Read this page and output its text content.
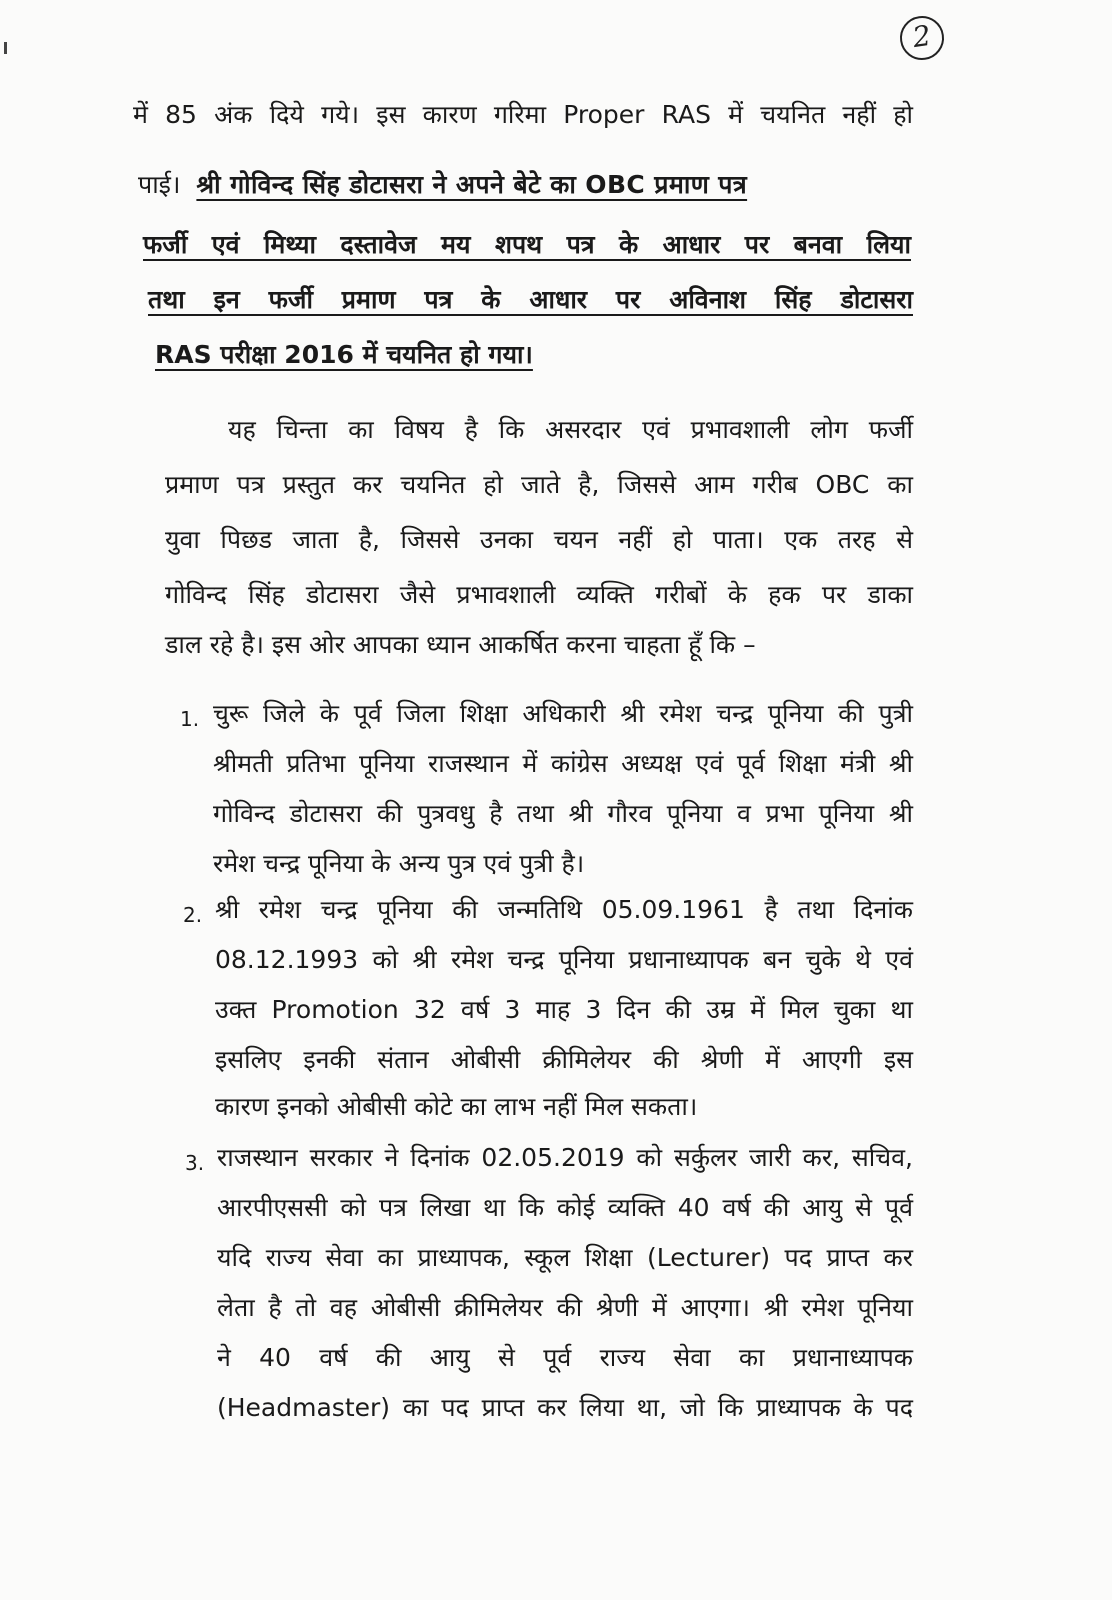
2
में 85 अंक दिये गये। इस कारण गरिमा Proper RAS में चयनित नहीं हो
पाई। श्री गोविन्द सिंह डोटासरा ने अपने बेटे का OBC प्रमाण पत्र
फर्जी एवं मिथ्या दस्तावेज मय शपथ पत्र के आधार पर बनवा लिया
तथा इन फर्जी प्रमाण पत्र के आधार पर अविनाश सिंह डोटासरा
RAS परीक्षा 2016 में चयनित हो गया।
यह चिन्ता का विषय है कि असरदार एवं प्रभावशाली लोग फर्जी
प्रमाण पत्र प्रस्तुत कर चयनित हो जाते है, जिससे आम गरीब OBC का
युवा पिछड जाता है, जिससे उनका चयन नहीं हो पाता। एक तरह से
गोविन्द सिंह डोटासरा जैसे प्रभावशाली व्यक्ति गरीबों के हक पर डाका
डाल रहे है। इस ओर आपका ध्यान आकर्षित करना चाहता हूँ कि –
1. चुरू जिले के पूर्व जिला शिक्षा अधिकारी श्री रमेश चन्द्र पूनिया की पुत्री
श्रीमती प्रतिभा पूनिया राजस्थान में कांग्रेस अध्यक्ष एवं पूर्व शिक्षा मंत्री श्री
गोविन्द डोटासरा की पुत्रवधु है तथा श्री गौरव पूनिया व प्रभा पूनिया श्री
रमेश चन्द्र पूनिया के अन्य पुत्र एवं पुत्री है।
2. श्री रमेश चन्द्र पूनिया की जन्मतिथि 05.09.1961 है तथा दिनांक
08.12.1993 को श्री रमेश चन्द्र पूनिया प्रधानाध्यापक बन चुके थे एवं
उक्त Promotion 32 वर्ष 3 माह 3 दिन की उम्र में मिल चुका था
इसलिए इनकी संतान ओबीसी क्रीमिलेयर की श्रेणी में आएगी इस
कारण इनको ओबीसी कोटे का लाभ नहीं मिल सकता।
3. राजस्थान सरकार ने दिनांक 02.05.2019 को सर्कुलर जारी कर, सचिव,
आरपीएससी को पत्र लिखा था कि कोई व्यक्ति 40 वर्ष की आयु से पूर्व
यदि राज्य सेवा का प्राध्यापक, स्कूल शिक्षा (Lecturer) पद प्राप्त कर
लेता है तो वह ओबीसी क्रीमिलेयर की श्रेणी में आएगा। श्री रमेश पूनिया
ने 40 वर्ष की आयु से पूर्व राज्य सेवा का प्रधानाध्यापक
(Headmaster) का पद प्राप्त कर लिया था, जो कि प्राध्यापक के पद
